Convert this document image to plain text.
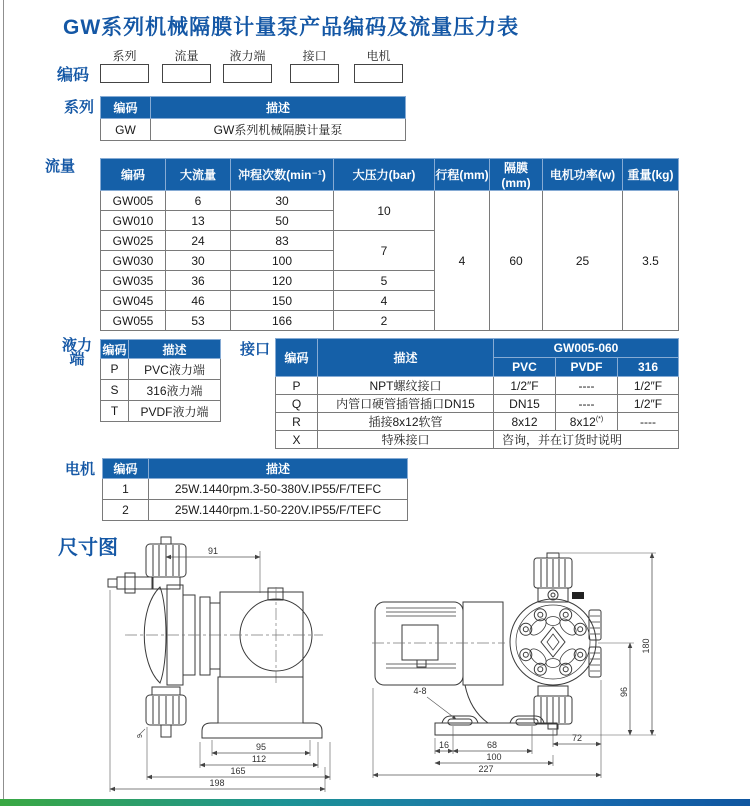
GW系列机械隔膜计量泵产品编码及流量压力表
编码
系列	流量	液力端	接口	电机
系列 编码	描述
GW	GW系列机械隔膜计量泵
流量	编码	大流量	冲程次数(min⁻¹)	大压力(bar)	行程(mm)	隔膜(mm)	电机功率(w)	重量(kg)
GW005	6	30	10	4	60	25	3.5
GW010	13	50					
GW025	24	83	7				
GW030	30	100					
GW035	36	120	5				
GW045	46	150	4				
GW055	53	166	2				
液力
端
编码	描述
P	PVC液力端
S	316液力端
T	PVDF液力端
接口 编码	描述	GW005-060		
		PVC	PVDF	316
P	NPT螺纹接口	1/2″F	----	1/2″F
Q	内管口硬管插管插口DN15	DN15	----	1/2″F
R	插接8x12软管	8x12	8x12(*)	----
X	特殊接口	咨询，并在订货时说明		
电机 编码	描述
1	25W.1440rpm.3-50-380V.IP55/F/TEFC
2	25W.1440rpm.1-50-220V.IP55/F/TEFC
尺寸图	91
95
112
165
198
9
4-8
72
16	68
100
227
96
180
